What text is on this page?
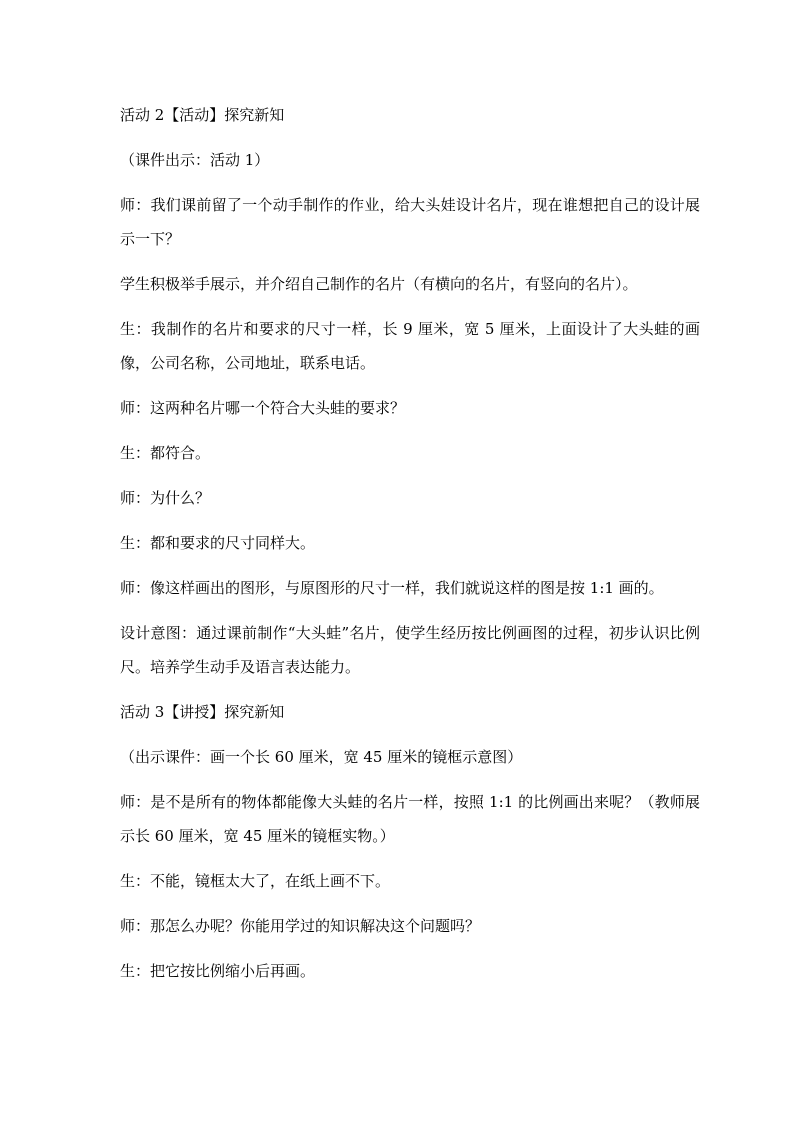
活动 2【活动】探究新知

（课件出示：活动 1）

师：我们课前留了一个动手制作的作业，给大头娃设计名片，现在谁想把自己的设计展示一下？

学生积极举手展示，并介绍自己制作的名片（有横向的名片，有竖向的名片）。

生：我制作的名片和要求的尺寸一样，长 9 厘米，宽 5 厘米，上面设计了大头蛙的画像，公司名称，公司地址，联系电话。

师：这两种名片哪一个符合大头蛙的要求？

生：都符合。

师：为什么？

生：都和要求的尺寸同样大。

师：像这样画出的图形，与原图形的尺寸一样，我们就说这样的图是按 1:1 画的。

设计意图：通过课前制作“大头蛙”名片，使学生经历按比例画图的过程，初步认识比例尺。培养学生动手及语言表达能力。

活动 3【讲授】探究新知

（出示课件：画一个长 60 厘米，宽 45 厘米的镜框示意图）

师：是不是所有的物体都能像大头蛙的名片一样，按照 1:1 的比例画出来呢？（教师展示长 60 厘米，宽 45 厘米的镜框实物。）

生：不能，镜框太大了，在纸上画不下。

师：那怎么办呢？你能用学过的知识解决这个问题吗？

生：把它按比例缩小后再画。
